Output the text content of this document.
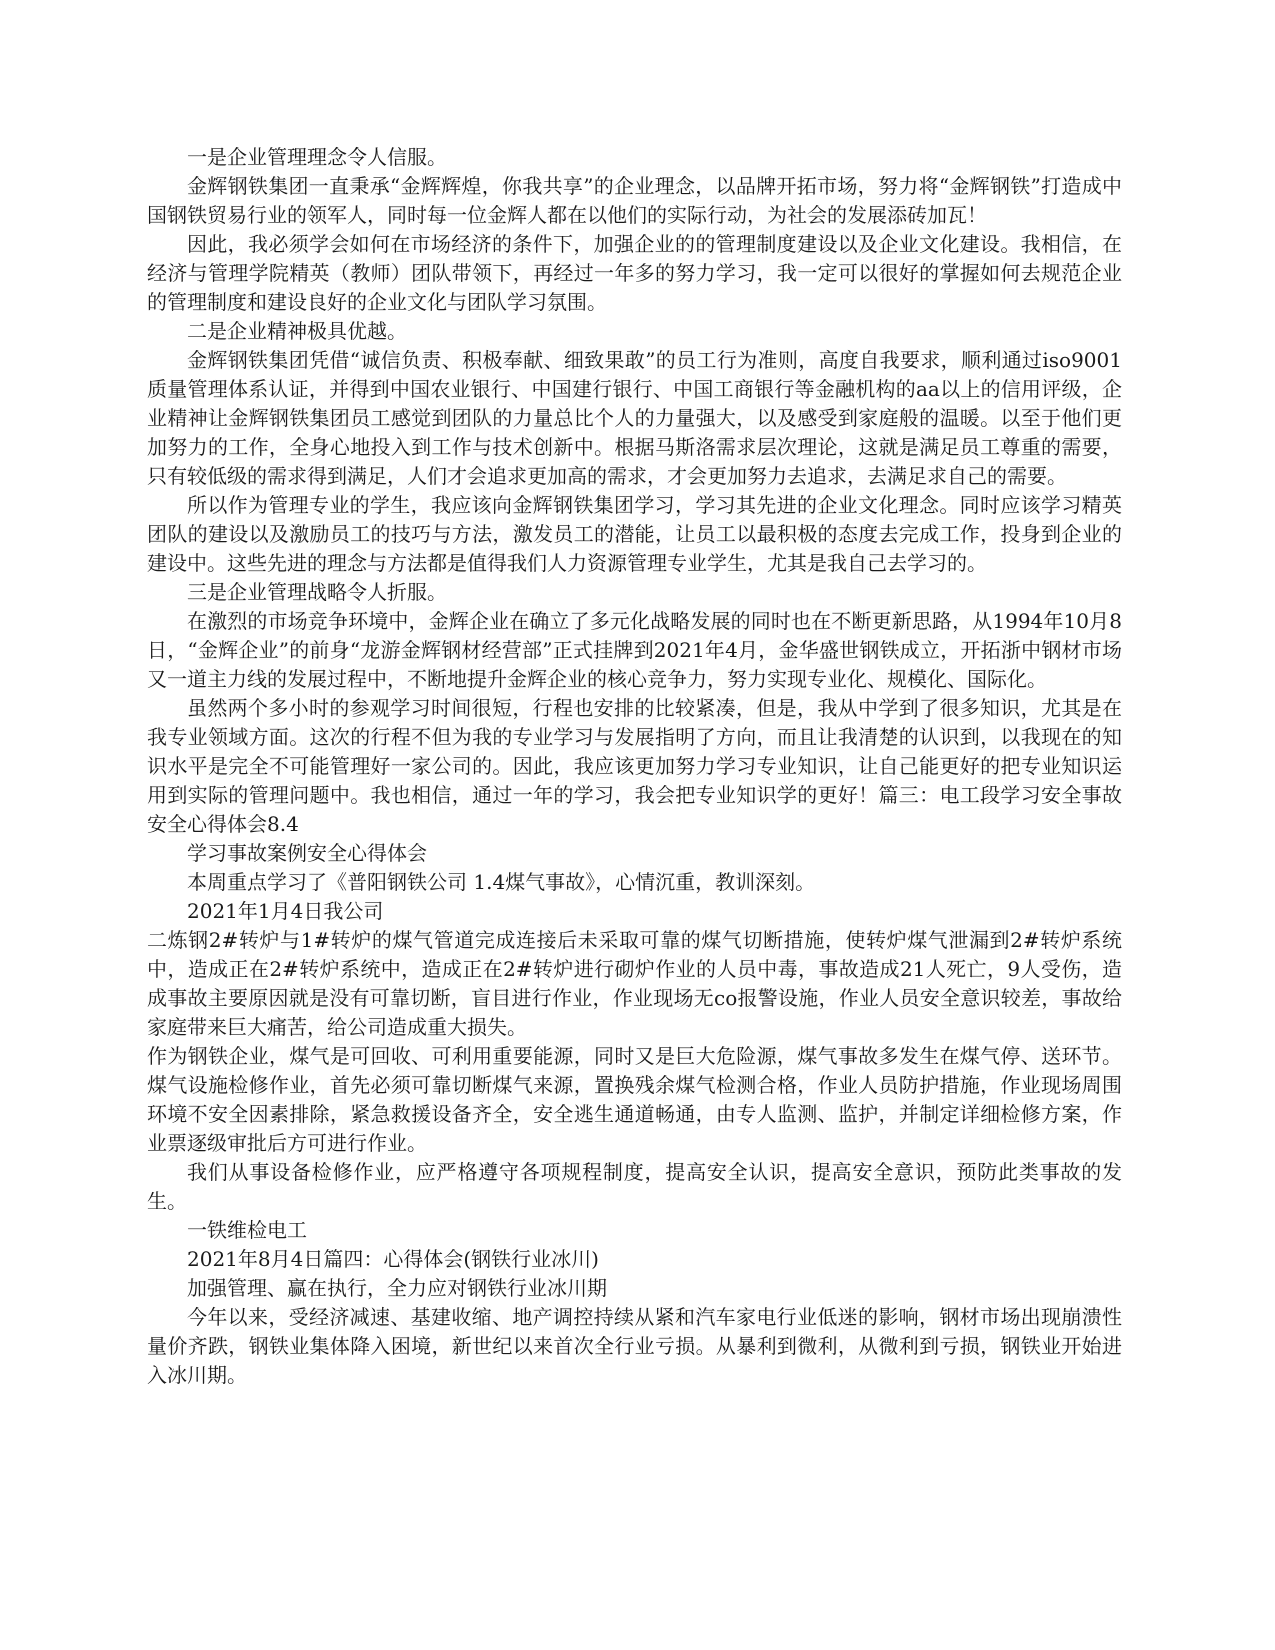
一是企业管理理念令人信服。

金辉钢铁集团一直秉承“金辉辉煌，你我共享”的企业理念，以品牌开拓市场，努力将“金辉钢铁”打造成中国钢铁贸易行业的领军人，同时每一位金辉人都在以他们的实际行动，为社会的发展添砖加瓦！

因此，我必须学会如何在市场经济的条件下，加强企业的的管理制度建设以及企业文化建设。我相信，在经济与管理学院精英（教师）团队带领下，再经过一年多的努力学习，我一定可以很好的掌握如何去规范企业的管理制度和建设良好的企业文化与团队学习氛围。

二是企业精神极具优越。

金辉钢铁集团凭借“诚信负责、积极奉献、细致果敢”的员工行为准则，高度自我要求，顺利通过iso9001质量管理体系认证，并得到中国农业银行、中国建行银行、中国工商银行等金融机构的aa以上的信用评级，企业精神让金辉钢铁集团员工感觉到团队的力量总比个人的力量强大，以及感受到家庭般的温暖。以至于他们更加努力的工作，全身心地投入到工作与技术创新中。根据马斯洛需求层次理论，这就是满足员工尊重的需要，只有较低级的需求得到满足，人们才会追求更加高的需求，才会更加努力去追求，去满足求自己的需要。

所以作为管理专业的学生，我应该向金辉钢铁集团学习，学习其先进的企业文化理念。同时应该学习精英团队的建设以及激励员工的技巧与方法，激发员工的潜能，让员工以最积极的态度去完成工作，投身到企业的建设中。这些先进的理念与方法都是值得我们人力资源管理专业学生，尤其是我自己去学习的。

三是企业管理战略令人折服。

在激烈的市场竞争环境中，金辉企业在确立了多元化战略发展的同时也在不断更新思路，从1994年10月8日，“金辉企业”的前身“龙游金辉钢材经营部”正式挂牌到2021年4月，金华盛世钢铁成立，开拓浙中钢材市场又一道主力线的发展过程中，不断地提升金辉企业的核心竞争力，努力实现专业化、规模化、国际化。

虽然两个多小时的参观学习时间很短，行程也安排的比较紧凑，但是，我从中学到了很多知识，尤其是在我专业领域方面。这次的行程不但为我的专业学习与发展指明了方向，而且让我清楚的认识到，以我现在的知识水平是完全不可能管理好一家公司的。因此，我应该更加努力学习专业知识，让自己能更好的把专业知识运用到实际的管理问题中。我也相信，通过一年的学习，我会把专业知识学的更好！篇三：电工段学习安全事故安全心得体会8.4

学习事故案例安全心得体会

本周重点学习了《普阳钢铁公司 1.4煤气事故》，心情沉重，教训深刻。

2021年1月4日我公司

二炼钢2#转炉与1#转炉的煤气管道完成连接后未采取可靠的煤气切断措施，使转炉煤气泄漏到2#转炉系统中，造成正在2#转炉系统中，造成正在2#转炉进行砌炉作业的人员中毒，事故造成21人死亡，9人受伤，造成事故主要原因就是没有可靠切断，盲目进行作业，作业现场无co报警设施，作业人员安全意识较差，事故给家庭带来巨大痛苦，给公司造成重大损失。

作为钢铁企业，煤气是可回收、可利用重要能源，同时又是巨大危险源，煤气事故多发生在煤气停、送环节。煤气设施检修作业，首先必须可靠切断煤气来源，置换残余煤气检测合格，作业人员防护措施，作业现场周围环境不安全因素排除，紧急救援设备齐全，安全逃生通道畅通，由专人监测、监护，并制定详细检修方案，作业票逐级审批后方可进行作业。

我们从事设备检修作业，应严格遵守各项规程制度，提高安全认识，提高安全意识，预防此类事故的发生。

一铁维检电工

2021年8月4日篇四：心得体会(钢铁行业冰川)

加强管理、赢在执行，全力应对钢铁行业冰川期

今年以来，受经济减速、基建收缩、地产调控持续从紧和汽车家电行业低迷的影响，钢材市场出现崩溃性量价齐跌，钢铁业集体降入困境，新世纪以来首次全行业亏损。从暴利到微利，从微利到亏损，钢铁业开始进入冰川期。
